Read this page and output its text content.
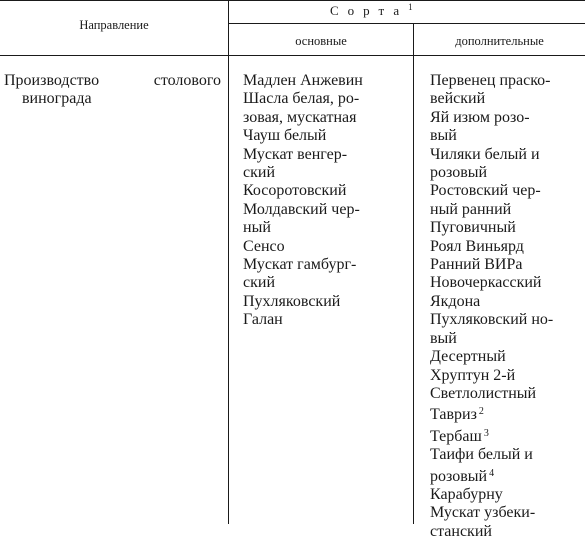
Направление
Сорта$^1$
основные	дополнительные
Производство	столового
винограда
Мадлен Анжевин
Шасла белая, ро-
зовая, мускатная
Чауш белый
Мускат венгер-
ский
Косоротовский
Молдавский чер-
ный
Сенсо
Мускат гамбург-
ский
Пухляковский
Галан
Первенец праско-
вейский
Яй изюм розо-
вый
Чиляки белый и
розовый
Ростовский чер-
ный ранний
Пуговичный
Роял Виньярд
Ранний ВИРа
Новочеркасский
Якдона
Пухляковский но-
вый
Десертный
Хруптун 2-й
Светлолистный
Тавриз $^2$
Тербаш $^3$
Таифи белый и
розовый $^4$
Карабурну
Мускат узбеки-
станский
